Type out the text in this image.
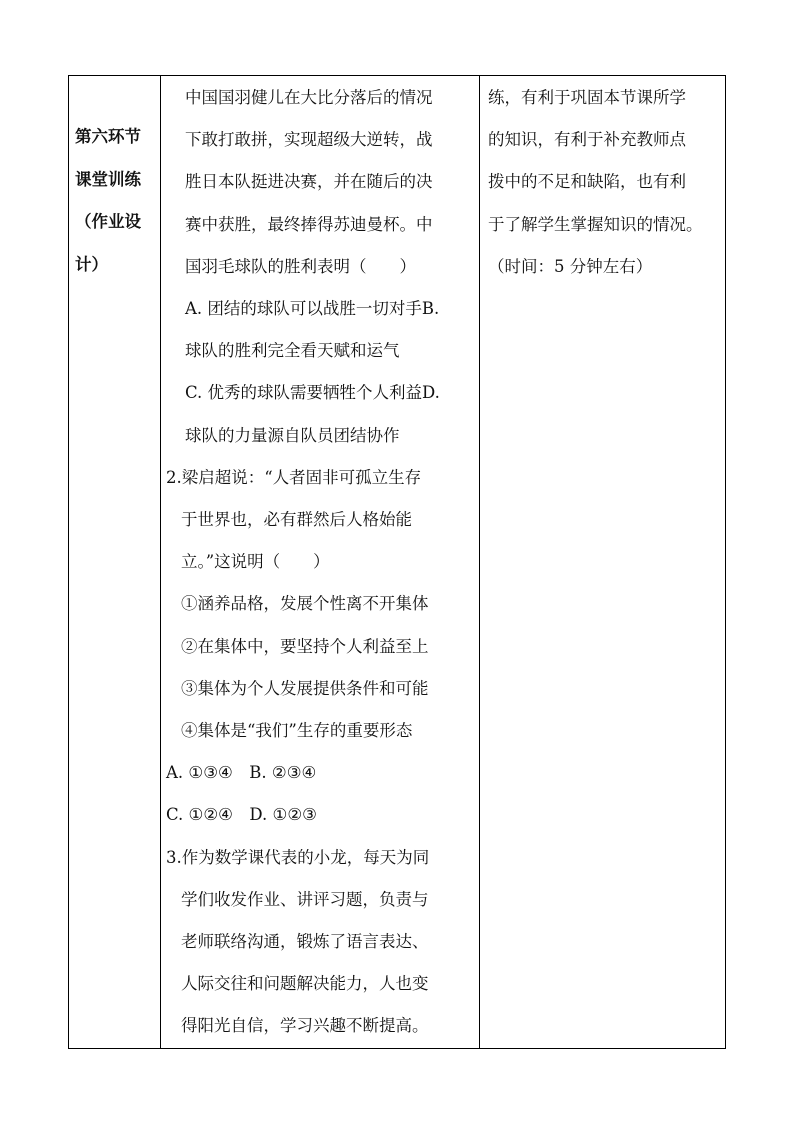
第六环节
课堂训练
（作业设
计）

中国国羽健儿在大比分落后的情况
下敢打敢拼，实现超级大逆转，战
胜日本队挺进决赛，并在随后的决
赛中获胜，最终捧得苏迪曼杯。中
国羽毛球队的胜利表明（　　）
A. 团结的球队可以战胜一切对手B.
球队的胜利完全看天赋和运气
C. 优秀的球队需要牺牲个人利益D.
球队的力量源自队员团结协作
2.梁启超说：“人者固非可孤立生存
于世界也，必有群然后人格始能
立。”这说明（　　）
①涵养品格，发展个性离不开集体
②在集体中，要坚持个人利益至上
③集体为个人发展提供条件和可能
④集体是“我们”生存的重要形态
A. ①③④　B. ②③④
C. ①②④　D. ①②③
3.作为数学课代表的小龙，每天为同
学们收发作业、讲评习题，负责与
老师联络沟通，锻炼了语言表达、
人际交往和问题解决能力，人也变
得阳光自信，学习兴趣不断提高。

练，有利于巩固本节课所学
的知识，有利于补充教师点
拨中的不足和缺陷，也有利
于了解学生掌握知识的情况。
（时间：5 分钟左右）
